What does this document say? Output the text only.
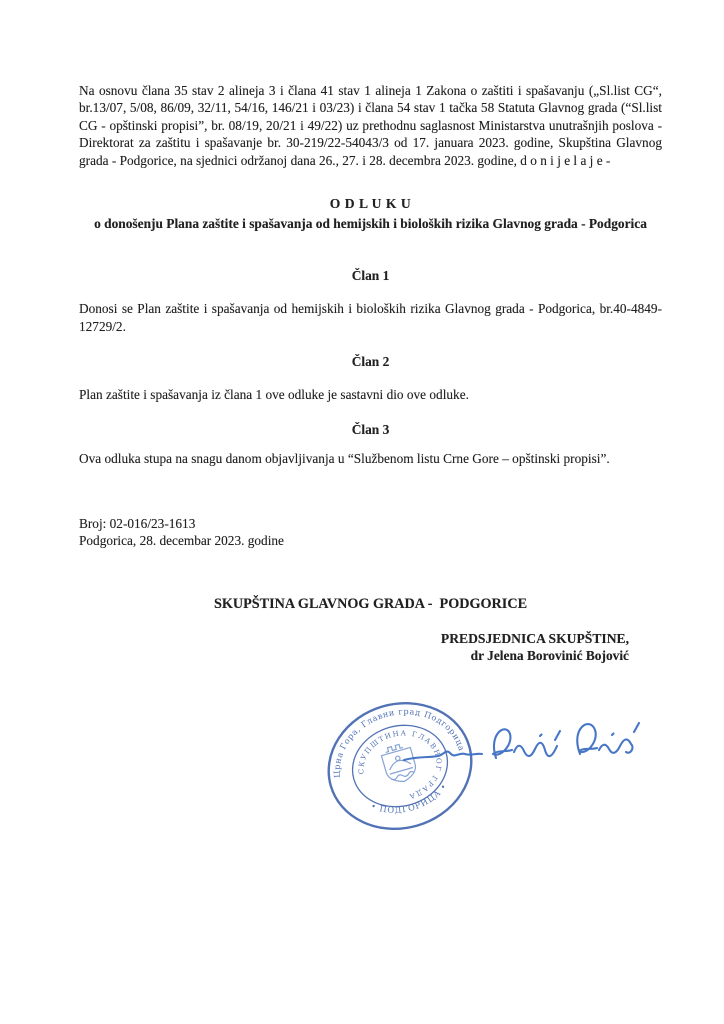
Na osnovu člana 35 stav 2 alineja 3 i člana 41 stav 1 alineja 1 Zakona o zaštiti i spašavanju („Sl.list CG“, br.13/07, 5/08, 86/09, 32/11, 54/16, 146/21 i 03/23) i člana 54 stav 1 tačka 58 Statuta Glavnog grada (“Sl.list CG - opštinski propisi”, br. 08/19, 20/21 i 49/22) uz prethodnu saglasnost Ministarstva unutrašnjih poslova - Direktorat za zaštitu i spašavanje br. 30-219/22-54043/3 od 17. januara 2023. godine, Skupština Glavnog grada - Podgorice, na sjednici održanoj dana 26., 27. i 28. decembra 2023. godine, d o n i j e l a j e -

O D L U K U
o donošenju Plana zaštite i spašavanja od hemijskih i bioloških rizika Glavnog grada - Podgorica
Član 1

Donosi se Plan zaštite i spašavanja od hemijskih i bioloških rizika Glavnog grada - Podgorica, br.40-4849-12729/2.

Član 2

Plan zaštite i spašavanja iz člana 1 ove odluke je sastavni dio ove odluke.

Član 3

Ova odluka stupa na snagu danom objavljivanja u “Službenom listu Crne Gore – opštinski propisi”.

Broj: 02-016/23-1613

Podgorica, 28. decembar 2023. godine

SKUPŠTINA GLAVNOG GRADA -  PODGORICE

PREDSJEDNICA SKUPŠTINE,

dr Jelena Borovinić Bojović

Црна Гора, Главни град Подгорица
• ПОДГОРИЦА •
СКУПШТИНА ГЛАВНОГ ГРАДА
